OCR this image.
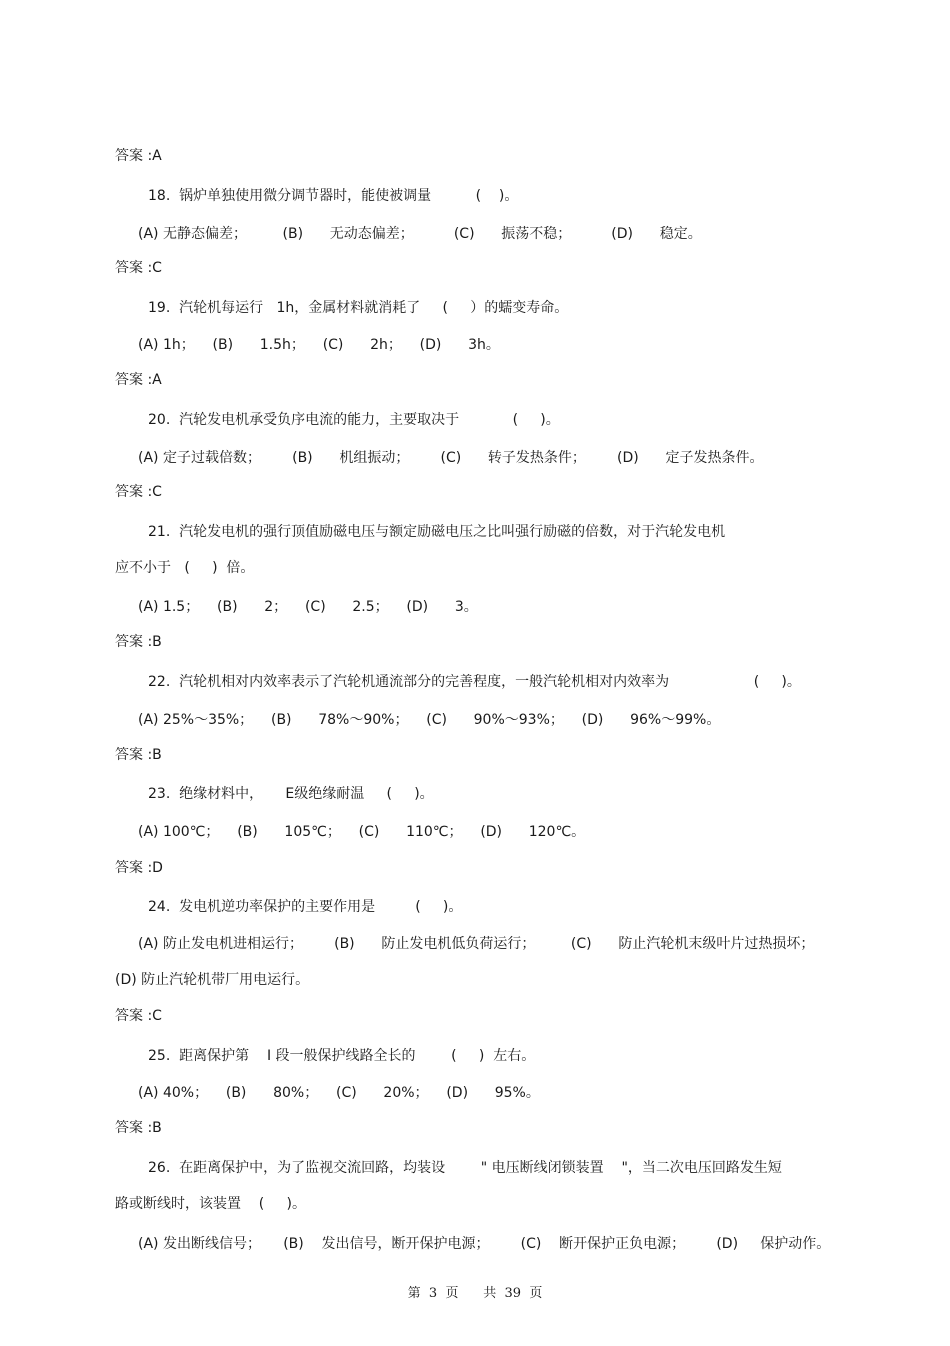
答案 :A
18.  锅炉单独使用微分调节器时，能使被调量          (    )。
(A) 无静态偏差；        (B)      无动态偏差；         (C)      振荡不稳；         (D)      稳定。
答案 :C
19.  汽轮机每运行   1h，金属材料就消耗了     (     ）的蠕变寿命。
(A) 1h；    (B)      1.5h；    (C)      2h；    (D)      3h。
答案 :A
20.  汽轮发电机承受负序电流的能力，主要取决于            (     )。
(A) 定子过载倍数；       (B)      机组振动；       (C)      转子发热条件；       (D)      定子发热条件。
答案 :C
21.  汽轮发电机的强行顶值励磁电压与额定励磁电压之比叫强行励磁的倍数，对于汽轮发电机
应不小于   (     )  倍。
(A) 1.5；    (B)      2；    (C)      2.5；    (D)      3。
答案 :B
22.  汽轮机相对内效率表示了汽轮机通流部分的完善程度，一般汽轮机相对内效率为                   (     )。
(A) 25%～35%；    (B)      78%～90%；    (C)      90%～93%；    (D)      96%～99%。
答案 :B
23.  绝缘材料中，     E级绝缘耐温     (     )。
(A) 100℃；    (B)      105℃；    (C)      110℃；    (D)      120℃。
答案 :D
24.  发电机逆功率保护的主要作用是         (     )。
(A) 防止发电机进相运行；       (B)      防止发电机低负荷运行；        (C)      防止汽轮机末级叶片过热损坏；
(D) 防止汽轮机带厂用电运行。
答案 :C
25.  距离保护第    Ⅰ 段一般保护线路全长的        (     )  左右。
(A) 40%；    (B)      80%；    (C)      20%；    (D)      95%。
答案 :B
26.  在距离保护中，为了监视交流回路，均装设        " 电压断线闭锁装置    "，当二次电压回路发生短
路或断线时，该装置    (     )。
(A) 发出断线信号；     (B)    发出信号，断开保护电源；       (C)    断开保护正负电源；       (D)     保护动作。
第  3  页      共  39  页
